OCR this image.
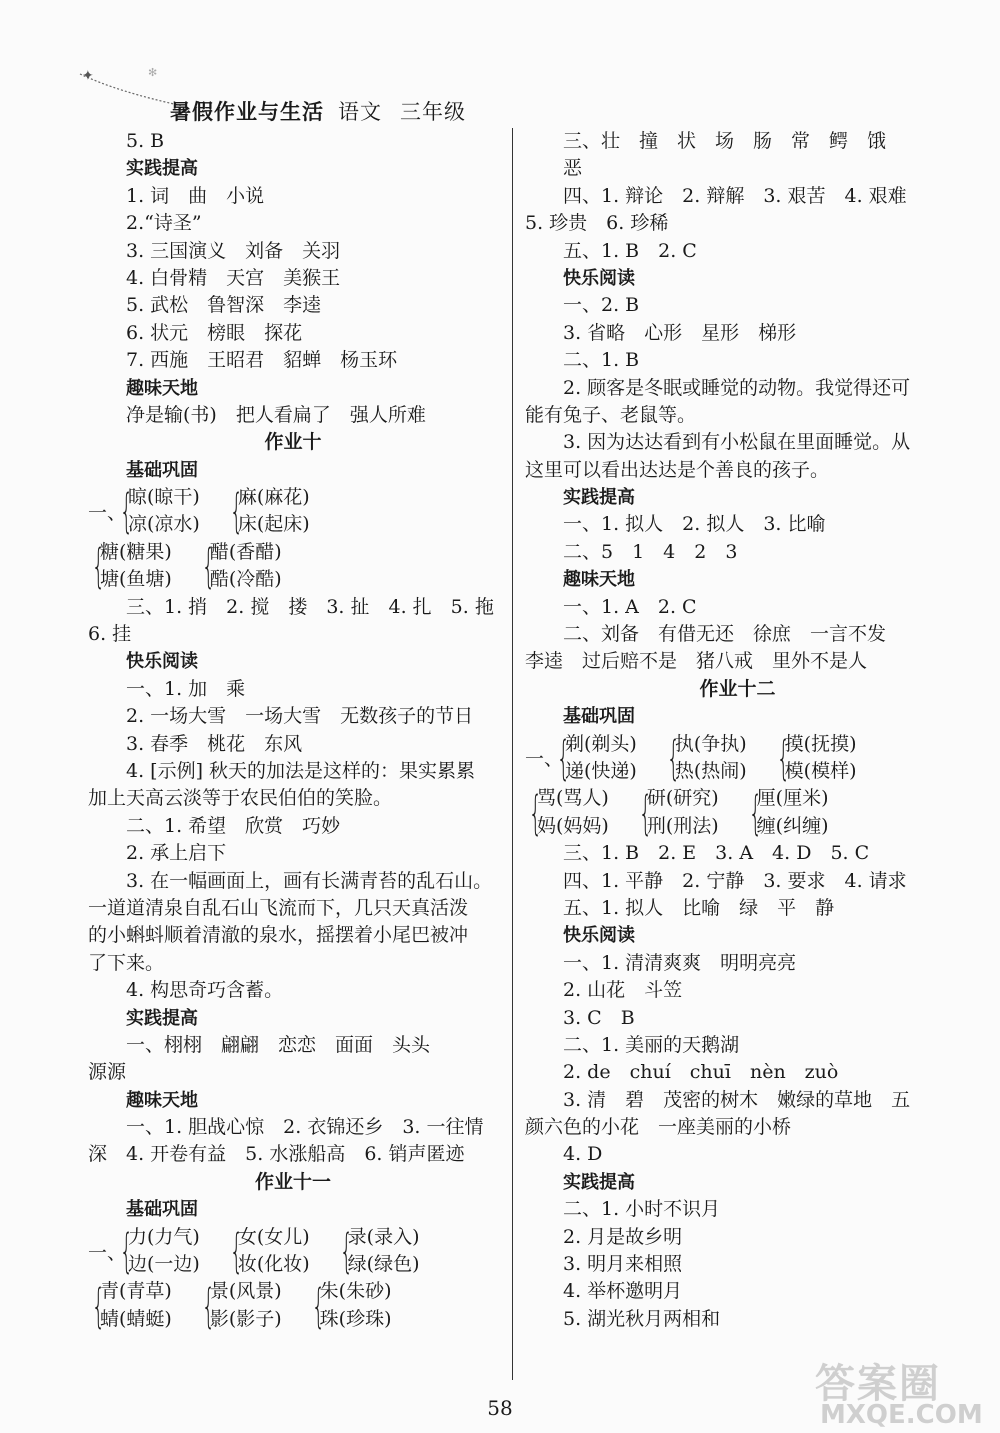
✦	✻
暑假作业与生活 语文 三年级
5. B
实践提高
1. 词　曲　小说
2.“诗圣”
3. 三国演义　刘备　关羽
4. 白骨精　天宫　美猴王
5. 武松　鲁智深　李逵
6. 状元　榜眼　探花
7. 西施　王昭君　貂蝉　杨玉环
趣味天地
净是输(书)　把人看扁了　强人所难
作业十
基础巩固
一、
{
晾(晾干)
凉(凉水) {
麻(麻花)
床(起床)
{
糖(糖果)
塘(鱼塘) {
醋(香醋)
酷(冷酷)
三、1. 捎　2. 搅　搂　3. 扯　4. 扎　5. 拖
6. 挂
快乐阅读
一、1. 加　乘
2. 一场大雪　一场大雪　无数孩子的节日
3. 春季　桃花　东风
4. [示例] 秋天的加法是这样的：果实累累
加上天高云淡等于农民伯伯的笑脸。
二、1. 希望　欣赏　巧妙
2. 承上启下
3. 在一幅画面上，画有长满青苔的乱石山。
一道道清泉自乱石山飞流而下，几只天真活泼
的小蝌蚪顺着清澈的泉水，摇摆着小尾巴被冲
了下来。
4. 构思奇巧含蓄。
实践提高
一、栩栩　翩翩　恋恋　面面　头头
源源
趣味天地
一、1. 胆战心惊　2. 衣锦还乡　3. 一往情
深　4. 开卷有益　5. 水涨船高　6. 销声匿迹
作业十一
基础巩固
一、
{
力(力气)
边(一边) {
女(女儿)
妆(化妆) {
录(录入)
绿(绿色)
{
青(青草)
蜻(蜻蜓) {
景(风景)
影(影子) {
朱(朱砂)
珠(珍珠)
三、壮　撞　状　场　肠　常　鳄　饿
恶
四、1. 辩论　2. 辩解　3. 艰苦　4. 艰难
5. 珍贵　6. 珍稀
五、1. B　2. C
快乐阅读
一、2. B
3. 省略　心形　星形　梯形
二、1. B
2. 顾客是冬眠或睡觉的动物。我觉得还可
能有兔子、老鼠等。
3. 因为达达看到有小松鼠在里面睡觉。从
这里可以看出达达是个善良的孩子。
实践提高
一、1. 拟人　2. 拟人　3. 比喻
二、5　1　4　2　3
趣味天地
一、1. A　2. C
二、刘备　有借无还　徐庶　一言不发
李逵　过后赔不是　猪八戒　里外不是人
作业十二
基础巩固
一、
{
剃(剃头)
递(快递) {
执(争执)
热(热闹) {
摸(抚摸)
模(模样)
{
骂(骂人)
妈(妈妈) {
研(研究)
刑(刑法) {
厘(厘米)
缠(纠缠)
三、1. B　2. E　3. A　4. D　5. C
四、1. 平静　2. 宁静　3. 要求　4. 请求
五、1. 拟人　比喻　绿　平　静
快乐阅读
一、1. 清清爽爽　明明亮亮
2. 山花　斗笠
3. C　B
二、1. 美丽的天鹅湖
2. de　chuí　chuī　nèn　zuò
3. 清　碧　茂密的树木　嫩绿的草地　五
颜六色的小花　一座美丽的小桥
4. D
实践提高
二、1. 小时不识月
2. 月是故乡明
3. 明月来相照
4. 举杯邀明月
5. 湖光秋月两相和
58
答案圈
MXQE.COM
